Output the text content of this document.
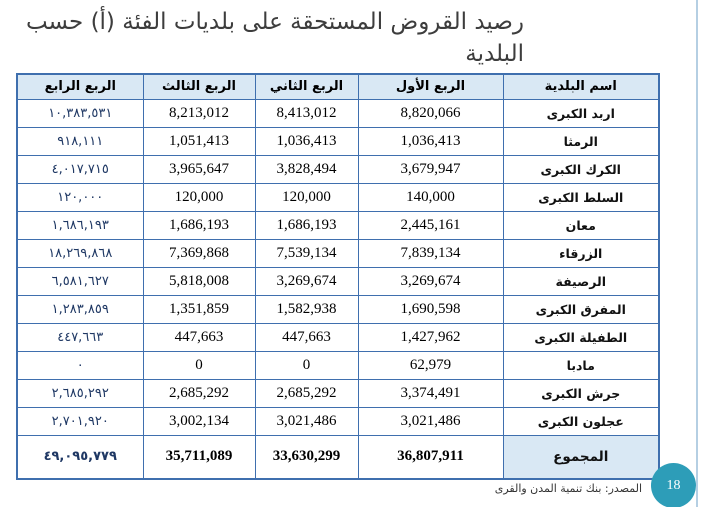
رصيد القروض المستحقة على بلديات الفئة (أ) حسب البلدية
اسم البلدية	الربع الأول	الربع الثاني	الربع الثالث	الربع الرابع
اربد الكبرى	8,820,066	8,413,012	8,213,012	١٠,٣٨٣,٥٣١
الرمثا	1,036,413	1,036,413	1,051,413	٩١٨,١١١
الكرك الكبرى	3,679,947	3,828,494	3,965,647	٤,٠١٧,٧١٥
السلط الكبرى	140,000	120,000	120,000	١٢٠,٠٠٠
معان	2,445,161	1,686,193	1,686,193	١,٦٨٦,١٩٣
الزرقاء	7,839,134	7,539,134	7,369,868	١٨,٢٦٩,٨٦٨
الرصيفة	3,269,674	3,269,674	5,818,008	٦,٥٨١,٦٢٧
المفرق الكبرى	1,690,598	1,582,938	1,351,859	١,٢٨٣,٨٥٩
الطفيلة الكبرى	1,427,962	447,663	447,663	٤٤٧,٦٦٣
مادبا	62,979	0	0	٠
جرش الكبرى	3,374,491	2,685,292	2,685,292	٢,٦٨٥,٢٩٢
عجلون الكبرى	3,021,486	3,021,486	3,002,134	٢,٧٠١,٩٢٠
المجموع	36,807,911	33,630,299	35,711,089	٤٩,٠٩٥,٧٧٩
المصدر: بنك تنمية المدن والقرى 18
